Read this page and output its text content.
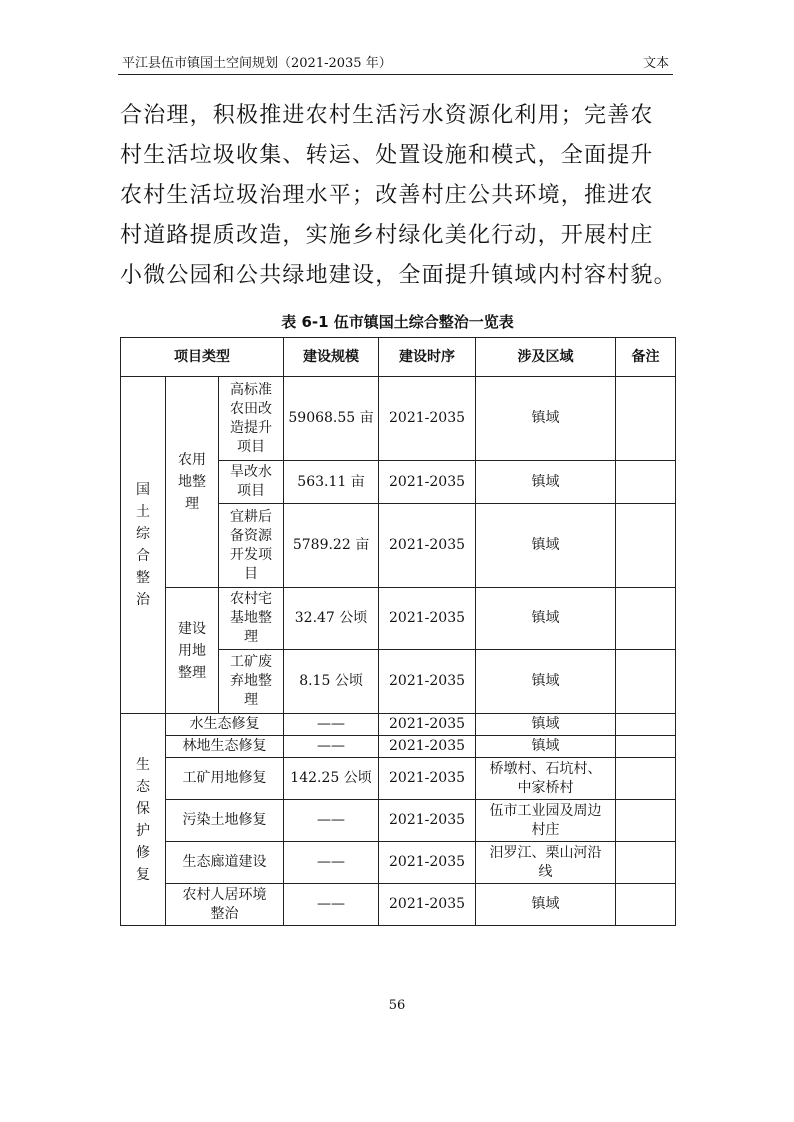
平江县伍市镇国土空间规划（2021-2035 年）	文本

合治理，积极推进农村生活污水资源化利用；完善农
村生活垃圾收集、转运、处置设施和模式，全面提升
农村生活垃圾治理水平；改善村庄公共环境，推进农
村道路提质改造，实施乡村绿化美化行动，开展村庄
小微公园和公共绿地建设，全面提升镇域内村容村貌。

表 6-1 伍市镇国土综合整治一览表
项目类型			建设规模	建设时序	涉及区域	备注
国土综合整治	农用地整理	高标准农田改造提升项目	59068.55 亩	2021-2035	镇域	
		旱改水项目	563.11 亩	2021-2035	镇域	
		宜耕后备资源开发项目	5789.22 亩	2021-2035	镇域	
	建设用地整理	农村宅基地整理	32.47 公顷	2021-2035	镇域	
		工矿废弃地整理	8.15 公顷	2021-2035	镇域	
生态保护修复	水生态修复		——	2021-2035	镇域	
	林地生态修复		——	2021-2035	镇域	
	工矿用地修复		142.25 公顷	2021-2035	桥墩村、石坑村、中家桥村	
	污染土地修复		——	2021-2035	伍市工业园及周边村庄	
	生态廊道建设		——	2021-2035	汨罗江、栗山河沿线	
	农村人居环境整治		——	2021-2035	镇域	
56
